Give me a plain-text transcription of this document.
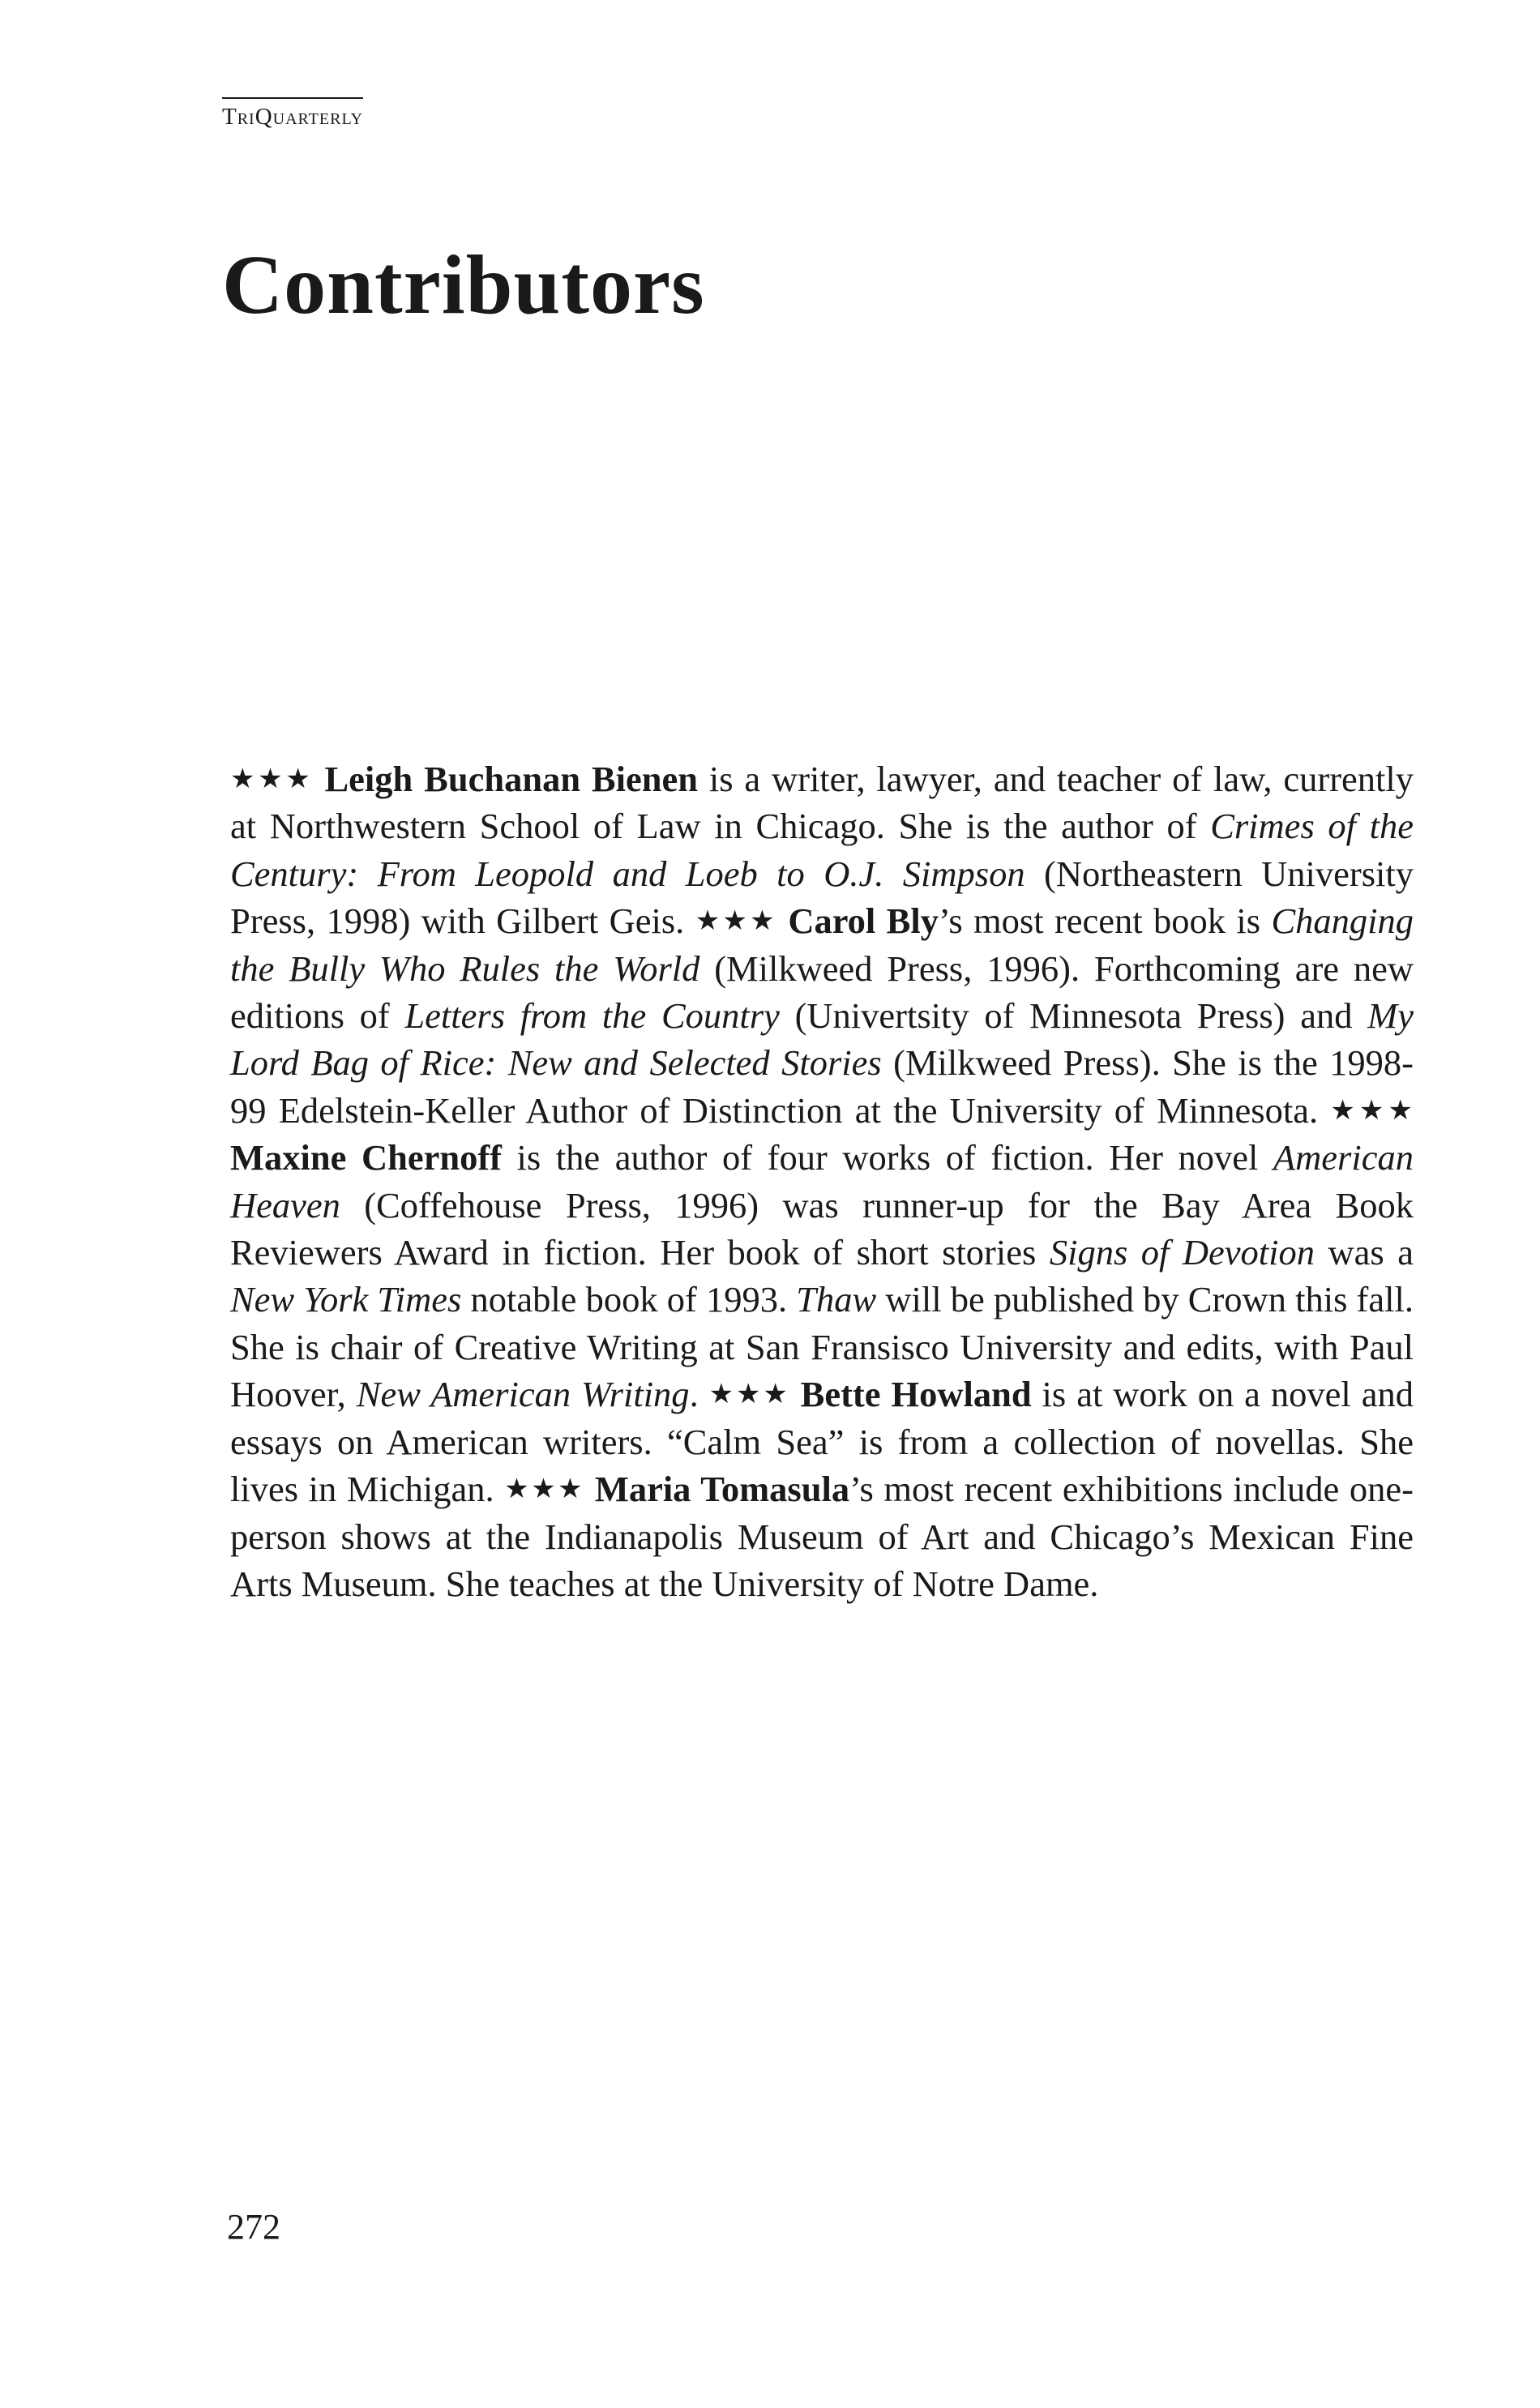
TriQuarterly
Contributors

★★★ Leigh Buchanan Bienen is a writer, lawyer, and teacher of law, currently at Northwestern School of Law in Chicago. She is the author of Crimes of the Century: From Leopold and Loeb to O.J. Simpson (Northeastern University Press, 1998) with Gilbert Geis. ★★★ Carol Bly’s most recent book is Changing the Bully Who Rules the World (Milkweed Press, 1996). Forthcoming are new editions of Letters from the Country (Univertsity of Minnesota Press) and My Lord Bag of Rice: New and Selected Stories (Milkweed Press). She is the 1998-99 Edelstein-Keller Author of Distinction at the University of Minnesota. ★★★ Maxine Chernoff is the author of four works of fiction. Her novel American Heaven (Coffehouse Press, 1996) was runner-up for the Bay Area Book Reviewers Award in fiction. Her book of short stories Signs of Devotion was a New York Times notable book of 1993. Thaw will be published by Crown this fall. She is chair of Creative Writing at San Fransisco University and edits, with Paul Hoover, New American Writing. ★★★ Bette Howland is at work on a novel and essays on American writers. “Calm Sea” is from a collection of novellas. She lives in Michigan. ★★★ Maria Tomasula’s most recent exhibitions include one-person shows at the Indianapolis Museum of Art and Chicago’s Mexican Fine Arts Museum. She teaches at the University of Notre Dame.

272
